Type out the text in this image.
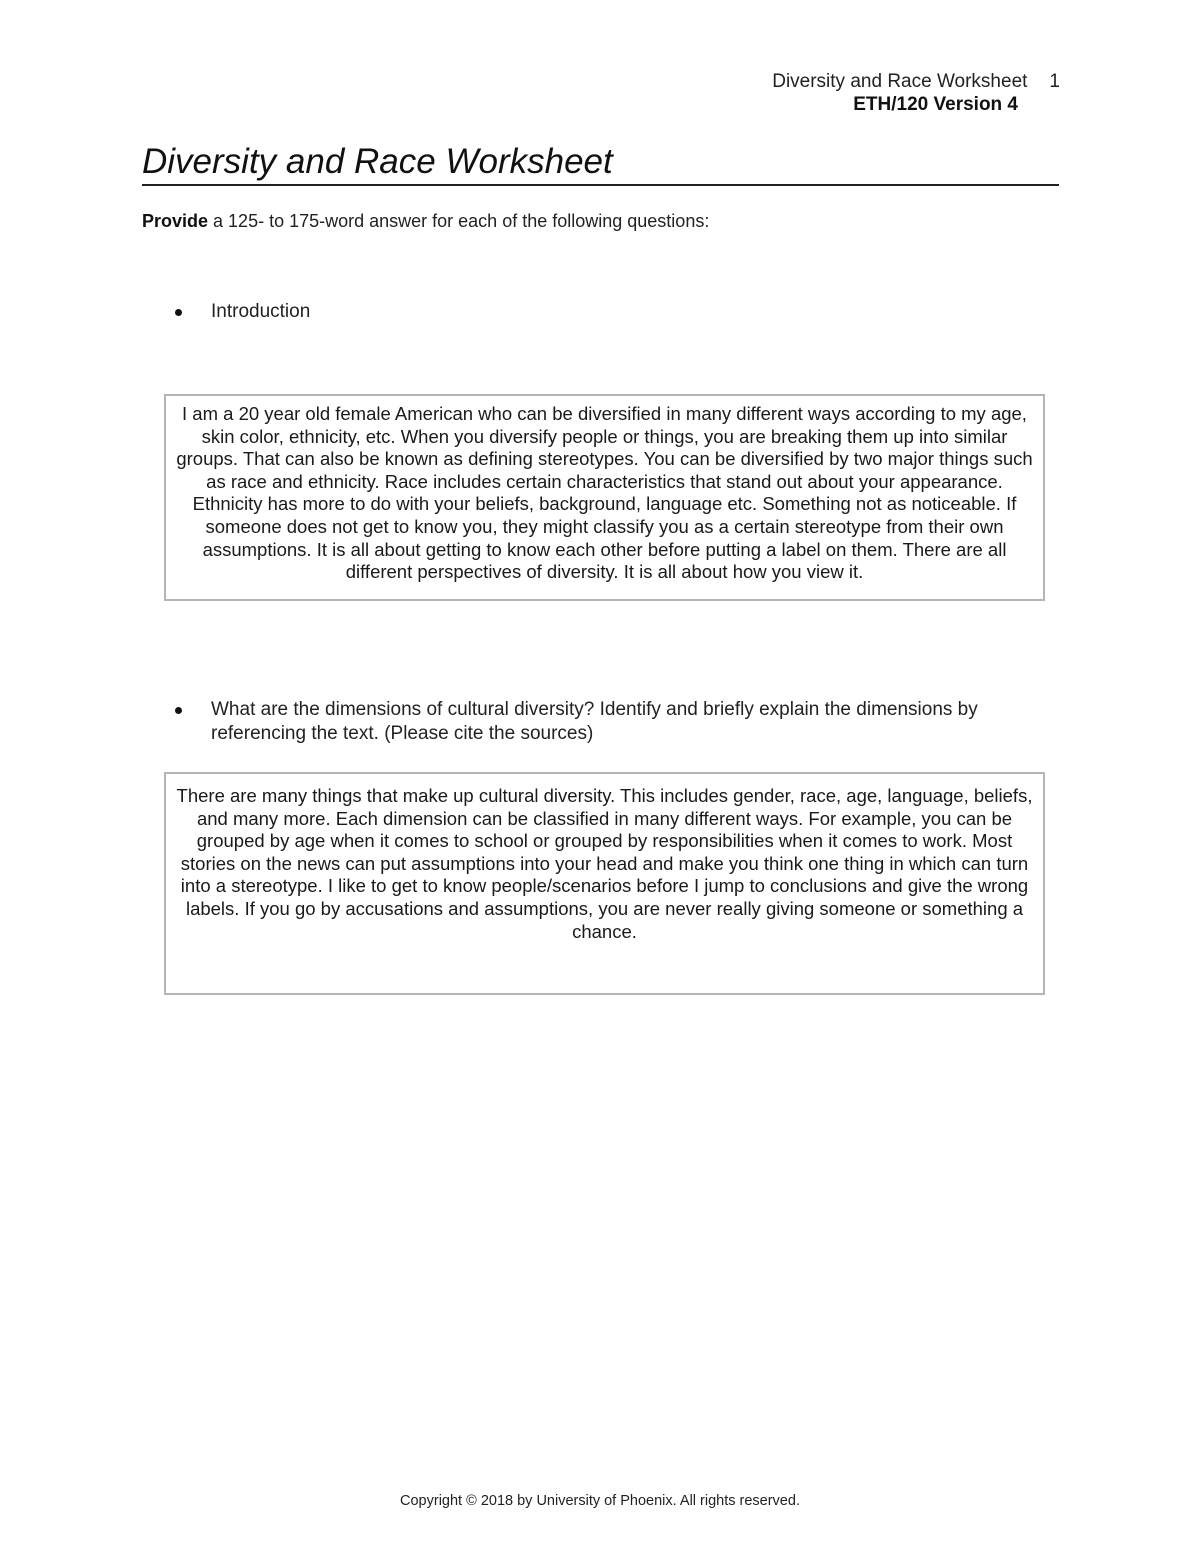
Diversity and Race Worksheet 1
ETH/120 Version 4
Diversity and Race Worksheet
Provide a 125- to 175-word answer for each of the following questions:
Introduction
I am a 20 year old female American who can be diversified in many different ways according to my age, skin color, ethnicity, etc. When you diversify people or things, you are breaking them up into similar groups. That can also be known as defining stereotypes. You can be diversified by two major things such as race and ethnicity. Race includes certain characteristics that stand out about your appearance. Ethnicity has more to do with your beliefs, background, language etc. Something not as noticeable. If someone does not get to know you, they might classify you as a certain stereotype from their own assumptions. It is all about getting to know each other before putting a label on them. There are all different perspectives of diversity. It is all about how you view it.
What are the dimensions of cultural diversity? Identify and briefly explain the dimensions by referencing the text. (Please cite the sources)
There are many things that make up cultural diversity. This includes gender, race, age, language, beliefs, and many more. Each dimension can be classified in many different ways. For example, you can be grouped by age when it comes to school or grouped by responsibilities when it comes to work. Most stories on the news can put assumptions into your head and make you think one thing in which can turn into a stereotype. I like to get to know people/scenarios before I jump to conclusions and give the wrong labels. If you go by accusations and assumptions, you are never really giving someone or something a chance.
Copyright © 2018 by University of Phoenix. All rights reserved.
